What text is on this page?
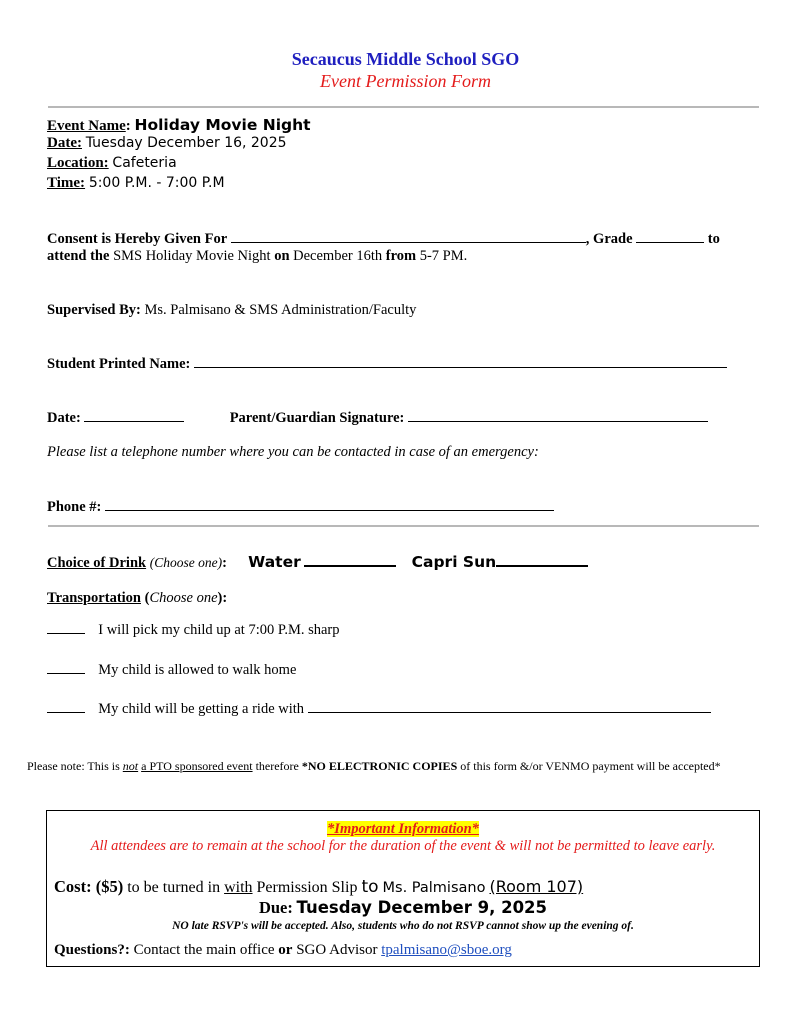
Secaucus Middle School SGO
Event Permission Form
Event Name: Holiday Movie Night
Date: Tuesday December 16, 2025
Location: Cafeteria
Time: 5:00 P.M. - 7:00 P.M
Consent is Hereby Given For	, Grade	to
attend the SMS Holiday Movie Night on December 16th from 5-7 PM.
Supervised By: Ms. Palmisano & SMS Administration/Faculty
Student Printed Name:
Date:	Parent/Guardian Signature:
Please list a telephone number where you can be contacted in case of an emergency:
Phone #:
Choice of Drink (Choose one): Water	Capri Sun
Transportation (Choose one):
I will pick my child up at 7:00 P.M. sharp
My child is allowed to walk home
My child will be getting a ride with
Please note: This is not a PTO sponsored event therefore *NO ELECTRONIC COPIES of this form &/or VENMO payment will be accepted*
*Important Information*
All attendees are to remain at the school for the duration of the event & will not be permitted to leave early.
Cost: ($5) to be turned in with Permission Slip to Ms. Palmisano (Room 107)
Due: Tuesday December 9, 2025
NO late RSVP's will be accepted. Also, students who do not RSVP cannot show up the evening of.
Questions?: Contact the main office or SGO Advisor tpalmisano@sboe.org
